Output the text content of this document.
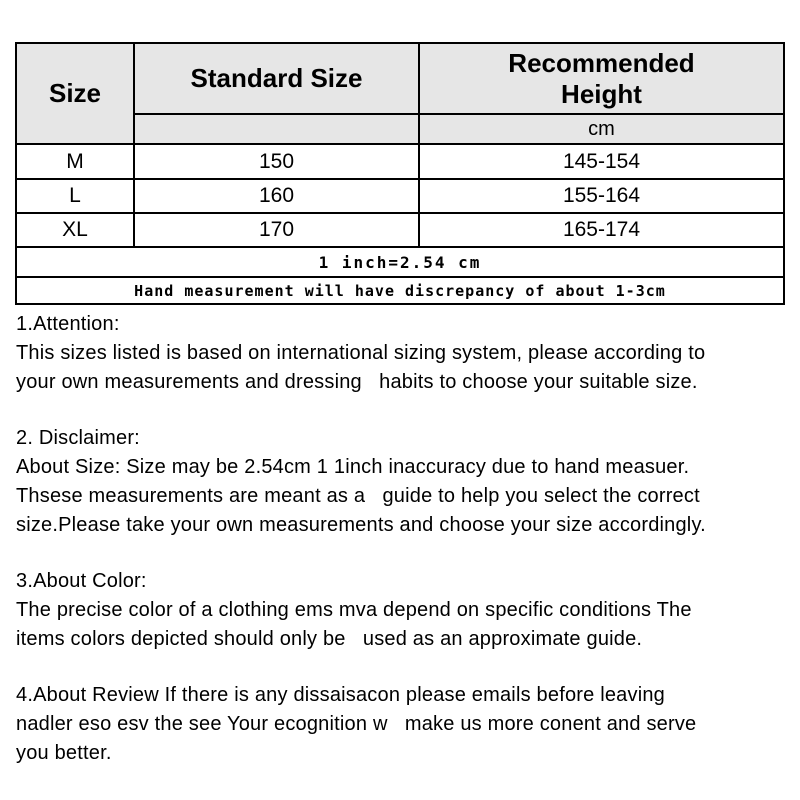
Size	Standard Size	Recommended Height
		cm
M	150	145-154
L	160	155-164
XL	170	165-174
1 inch=2.54 cm		
Hand measurement will have discrepancy of about 1-3cm		
1.Attention:
This sizes listed is based on international sizing system, please according to
your own measurements and dressing   habits to choose your suitable size.
2. Disclaimer:
About Size: Size may be 2.54cm 1 1inch inaccuracy due to hand measuer.
Thsese measurements are meant as a   guide to help you select the correct
size.Please take your own measurements and choose your size accordingly.
3.About Color:
The precise color of a clothing ems mva depend on specific conditions The
items colors depicted should only be   used as an approximate guide.
4.About Review If there is any dissaisacon please emails before leaving
nadler eso esv the see Your ecognition w   make us more conent and serve
you better.
